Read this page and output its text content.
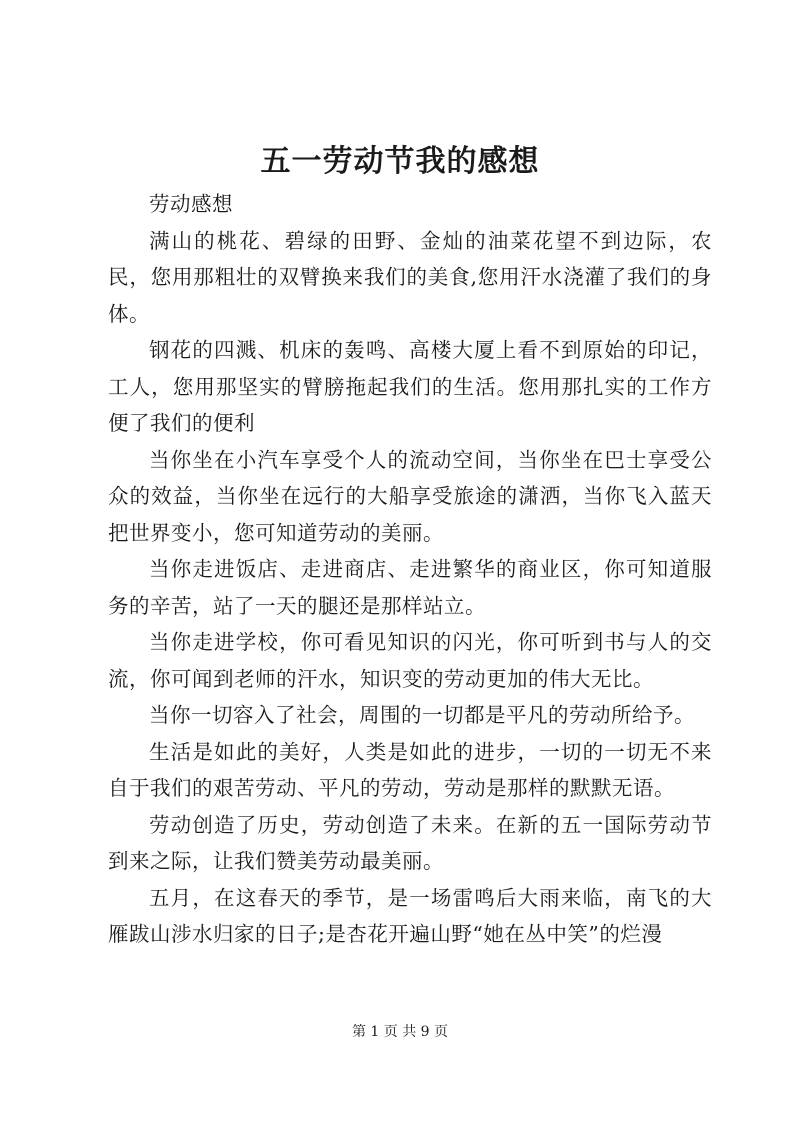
五一劳动节我的感想

劳动感想

满山的桃花、碧绿的田野、金灿的油菜花望不到边际，农民，您用那粗壮的双臂换来我们的美食,您用汗水浇灌了我们的身体。

钢花的四溅、机床的轰鸣、高楼大厦上看不到原始的印记，工人，您用那坚实的臂膀拖起我们的生活。您用那扎实的工作方便了我们的便利

当你坐在小汽车享受个人的流动空间，当你坐在巴士享受公众的效益，当你坐在远行的大船享受旅途的潇洒，当你飞入蓝天把世界变小，您可知道劳动的美丽。

当你走进饭店、走进商店、走进繁华的商业区，你可知道服务的辛苦，站了一天的腿还是那样站立。

当你走进学校，你可看见知识的闪光，你可听到书与人的交流，你可闻到老师的汗水，知识变的劳动更加的伟大无比。

当你一切容入了社会，周围的一切都是平凡的劳动所给予。

生活是如此的美好，人类是如此的进步，一切的一切无不来自于我们的艰苦劳动、平凡的劳动，劳动是那样的默默无语。

劳动创造了历史，劳动创造了未来。在新的五一国际劳动节到来之际，让我们赞美劳动最美丽。

五月，在这春天的季节，是一场雷鸣后大雨来临，南飞的大雁跋山涉水归家的日子;是杏花开遍山野“她在丛中笑”的烂漫

第 1 页 共 9 页
